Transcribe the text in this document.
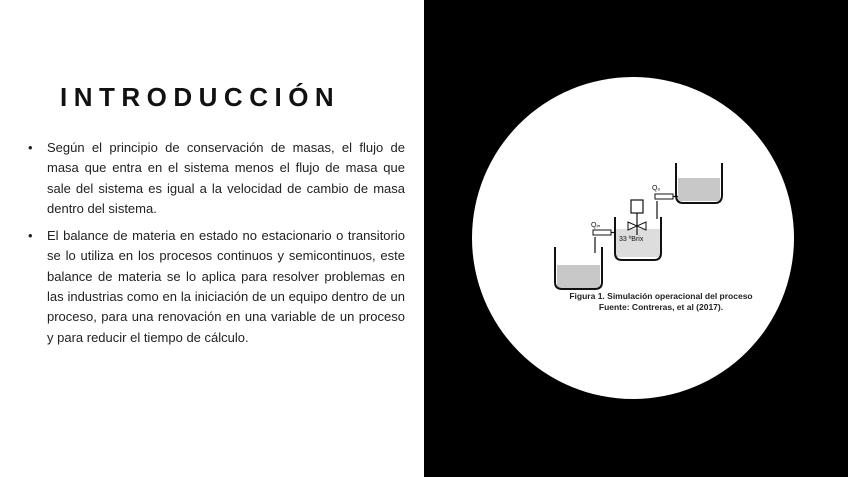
INTRODUCCIÓN
• Según el principio de conservación de masas, el flujo de masa que entra en el sistema menos el flujo de masa que sale del sistema es igual a la velocidad de cambio de masa dentro del sistema.
• El balance de materia en estado no estacionario o transitorio se lo utiliza en los procesos continuos y semicontinuos, este balance de materia se lo aplica para resolver problemas en las industrias como en la iniciación de un equipo dentro de un proceso, para una renovación en una variable de un proceso y para reducir el tiempo de cálculo.
Qᵢₙ
33 ºBrix
Qₒ
Figura 1. Simulación operacional del proceso
Fuente: Contreras, et al (2017).
